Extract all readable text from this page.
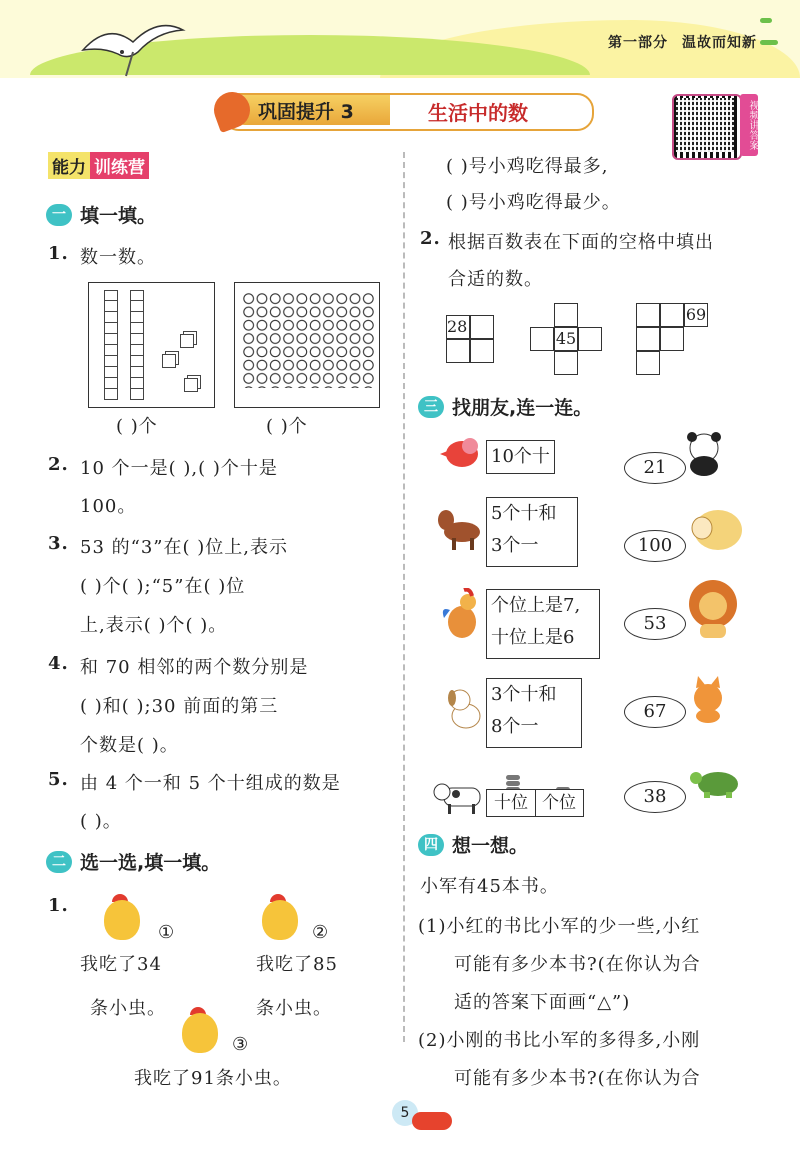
第一部分 温故而知新
巩固提升 3	生活中的数	视频讲答案
能力 训练营
一 填一填。
1. 数一数。
( )个	( )个
2. 10 个一是( ),( )个十是
100。
3. 53 的“3”在( )位上,表示
( )个( );“5”在( )位
上,表示( )个( )。
4. 和 70 相邻的两个数分别是
( )和( );30 前面的第三
个数是( )。
5. 由 4 个一和 5 个十组成的数是
( )。
二 选一选,填一填。
1.
①
我吃了34
条小虫。
②
我吃了85
条小虫。
③
我吃了91条小虫。
( )号小鸡吃得最多,
( )号小鸡吃得最少。
2. 根据百数表在下面的空格中填出
合适的数。
28
45
69
三 找朋友,连一连。
10个十
21
5个十和
3个一	100
个位上是7,
十位上是6
53
3个十和
8个一
67
十位 个位	38
四 想一想。
小军有45本书。
(1)小红的书比小军的少一些,小红
可能有多少本书?(在你认为合
适的答案下面画“△”)
(2)小刚的书比小军的多得多,小刚
可能有多少本书?(在你认为合
5
